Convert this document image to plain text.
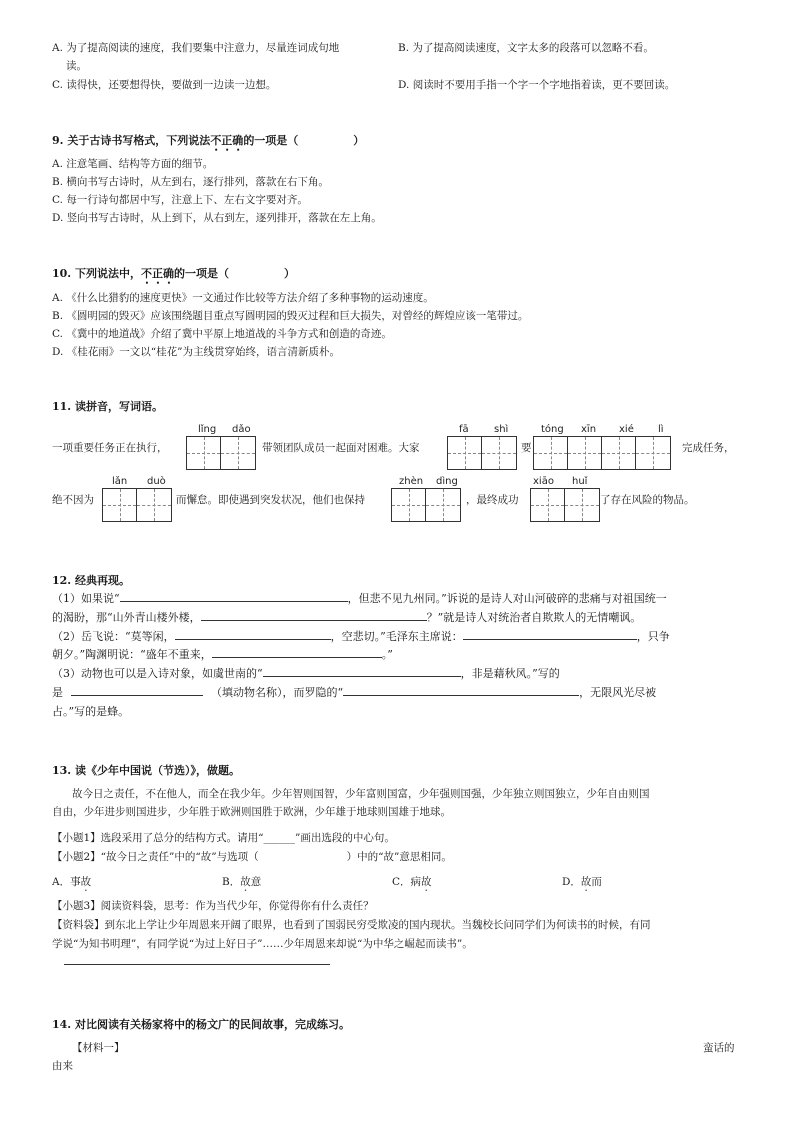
A. 为了提高阅读的速度，我们要集中注意力，尽量连词成句地	B. 为了提高阅读速度，文字太多的段落可以忽略不看。
读。
C. 读得快，还要想得快，要做到一边读一边想。	D. 阅读时不要用手指一个字一个字地指着读，更不要回读。
9. 关于古诗书写格式，下列说法不正确的一项是（　　　　　）
A. 注意笔画、结构等方面的细节。
B. 横向书写古诗时，从左到右，逐行排列，落款在右下角。
C. 每一行诗句都居中写，注意上下、左右文字要对齐。
D. 竖向书写古诗时，从上到下，从右到左，逐列排开，落款在左上角。
10. 下列说法中，不正确的一项是（　　　　　）
A. 《什么比猎豹的速度更快》一文通过作比较等方法介绍了多种事物的运动速度。
B. 《圆明园的毁灭》应该围绕题目重点写圆明园的毁灭过程和巨大损失，对曾经的辉煌应该一笔带过。
C. 《冀中的地道战》介绍了冀中平原上地道战的斗争方式和创造的奇迹。
D. 《桂花雨》一文以“桂花”为主线贯穿始终，语言清新质朴。
11. 读拼音，写词语。
lǐng dǎo	fā	shì	tóng xīn xié lì
一项重要任务正在执行，	带领团队成员一起面对困难。大家	要	完成任务，
lǎn duò	zhèn dìng	xiāo huǐ
绝不因为	而懈怠。即使遇到突发状况，他们也保持	，最终成功	了存在风险的物品。
12. 经典再现。
（1）如果说“	，但悲不见九州同。”诉说的是诗人对山河破碎的悲痛与对祖国统一
的渴盼，那“山外青山楼外楼，	？”就是诗人对统治者自欺欺人的无情嘲讽。
（2）岳飞说：“莫等闲，	，空悲切。”毛泽东主席说：	，只争
朝夕。”陶渊明说：“盛年不重来，	。”
（3）动物也可以是入诗对象，如虞世南的“	，非是藉秋风。”写的
是	（填动物名称），而罗隐的“	，无限风光尽被
占。”写的是蜂。
13. 读《少年中国说（节选）》，做题。
故今日之责任，不在他人，而全在我少年。少年智则国智，少年富则国富，少年强则国强，少年独立则国独立，少年自由则国
自由，少年进步则国进步，少年胜于欧洲则国胜于欧洲，少年雄于地球则国雄于地球。
【小题1】选段采用了总分的结构方式。请用“______”画出选段的中心句。
【小题2】“故今日之责任”中的“故”与选项（	）中的“故”意思相同。
A．事故	B．故意	C．病故	D．故而
【小题3】阅读资料袋，思考：作为当代少年，你觉得你有什么责任？
【资料袋】到东北上学让少年周恩来开阔了眼界，也看到了国弱民穷受欺凌的国内现状。当魏校长问同学们为何读书的时候，有同
学说“为知书明理”，有同学说“为过上好日子”……少年周恩来却说“为中华之崛起而读书”。
14. 对比阅读有关杨家将中的杨文广的民间故事，完成练习。
【材料一】	蛮话的
由来
